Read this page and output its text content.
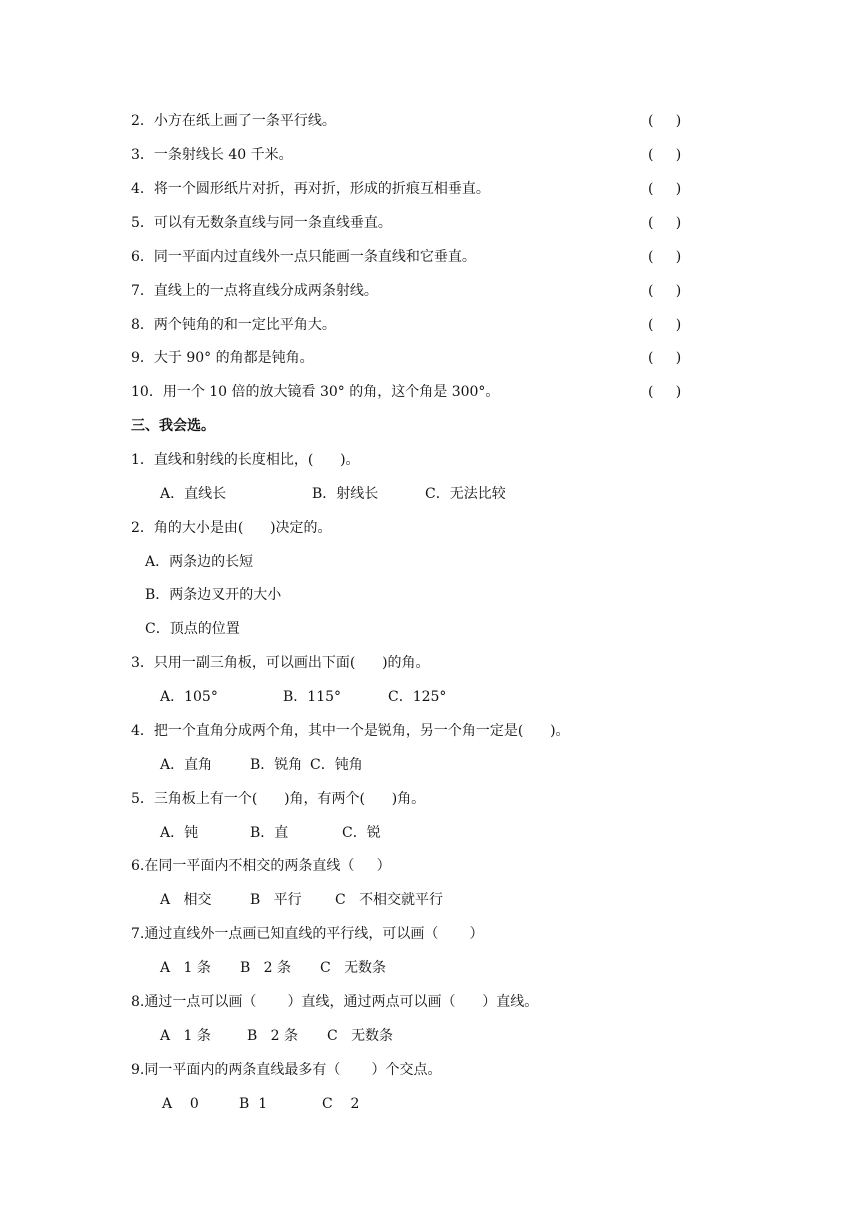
2．小方在纸上画了一条平行线。	(     )
3．一条射线长 40 千米。	(     )
4．将一个圆形纸片对折，再对折，形成的折痕互相垂直。	(     )
5．可以有无数条直线与同一条直线垂直。	(     )
6．同一平面内过直线外一点只能画一条直线和它垂直。	(     )
7．直线上的一点将直线分成两条射线。	(     )
8．两个钝角的和一定比平角大。	(     )
9．大于 90° 的角都是钝角。	(     )
10．用一个 10 倍的放大镜看 30° 的角，这个角是 300°。	(     )
三、我会选。
1．直线和射线的长度相比，(      )。
A．直线长	B．射线长	C．无法比较
2．角的大小是由(      )决定的。
A．两条边的长短
B．两条边叉开的大小
C．顶点的位置
3．只用一副三角板，可以画出下面(      )的角。
A．105°	B．115°	C．125°
4．把一个直角分成两个角，其中一个是锐角，另一个角一定是(      )。
A．直角	B．锐角 C．钝角
5．三角板上有一个(      )角，有两个(      )角。
A．钝	B．直	C．锐
6.在同一平面内不相交的两条直线（     ）
A   相交	B   平行 C   不相交就平行
7.通过直线外一点画已知直线的平行线，可以画（       ）
A   1 条 B   2 条 C   无数条
8.通过一点可以画（       ）直线，通过两点可以画（      ）直线。
A   1 条	B   2 条 C   无数条
9.同一平面内的两条直线最多有（       ）个交点。
A    0	B  1	C    2
